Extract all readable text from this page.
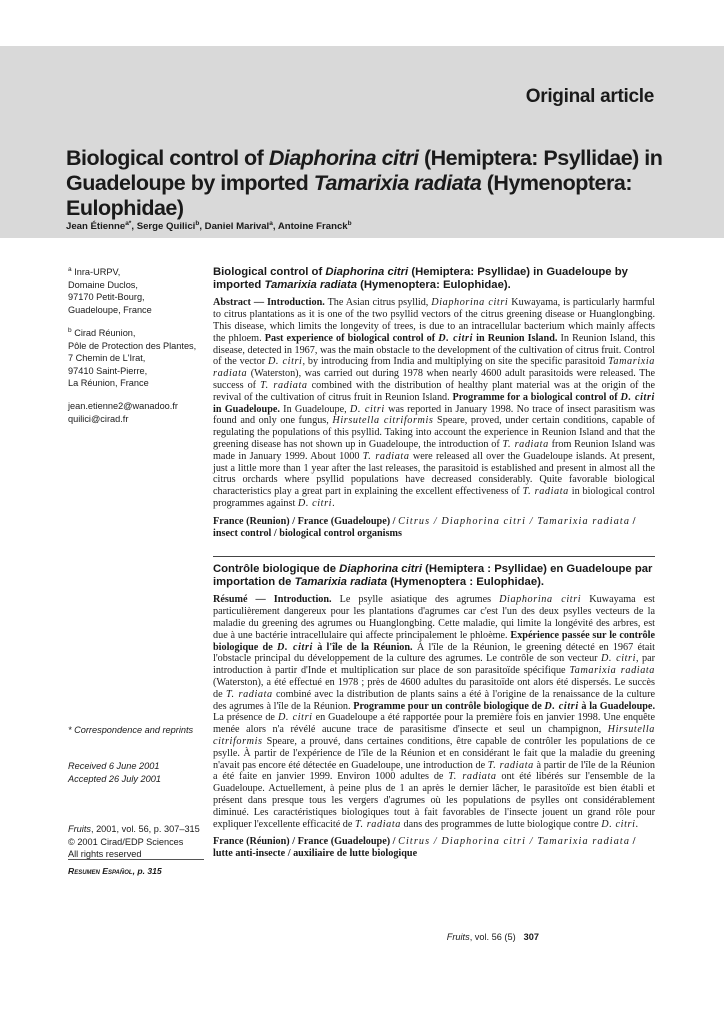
Original article
Biological control of Diaphorina citri (Hemiptera: Psyllidae) in Guadeloupe by imported Tamarixia radiata (Hymenoptera: Eulophidae)
Jean Étienne$^{a*}$, Serge Quilici$^b$, Daniel Marival$^a$, Antoine Franck$^b$
$^a$ Inra-URPV,
Domaine Duclos,
97170 Petit-Bourg,
Guadeloupe, France
$^b$ Cirad Réunion,
Pôle de Protection des Plantes,
7 Chemin de L'Irat,
97410 Saint-Pierre,
La Réunion, France
jean.etienne2@wanadoo.fr
quilici@cirad.fr
* Correspondence and reprints
Received 6 June 2001
Accepted 26 July 2001
Fruits, 2001, vol. 56, p. 307–315
© 2001 Cirad/EDP Sciences
All rights reserved
Resumen Español, p. 315
Biological control of Diaphorina citri (Hemiptera: Psyllidae) in Guadeloupe by imported Tamarixia radiata (Hymenoptera: Eulophidae).

Abstract — Introduction. The Asian citrus psyllid, Diaphorina citri Kuwayama, is particularly harmful to citrus plantations as it is one of the two psyllid vectors of the citrus greening disease or Huanglongbing. This disease, which limits the longevity of trees, is due to an intracellular bacterium which mainly affects the phloem. Past experience of biological control of D. citri in Reunion Island. In Reunion Island, this disease, detected in 1967, was the main obstacle to the development of the cultivation of citrus fruit. Control of the vector D. citri, by introducing from India and multiplying on site the specific parasitoid Tamarixia radiata (Waterston), was carried out during 1978 when nearly 4600 adult parasitoids were released. The success of T. radiata combined with the distribution of healthy plant material was at the origin of the revival of the cultivation of citrus fruit in Reunion Island. Programme for a biological control of D. citri in Guadeloupe. In Guadeloupe, D. citri was reported in January 1998. No trace of insect parasitism was found and only one fungus, Hirsutella citriformis Speare, proved, under certain conditions, capable of regulating the populations of this psyllid. Taking into account the experience in Reunion Island and that the greening disease has not shown up in Guadeloupe, the introduction of T. radiata from Reunion Island was made in January 1999. About 1000 T. radiata were released all over the Guadeloupe islands. At present, just a little more than 1 year after the last releases, the parasitoid is established and present in almost all the citrus orchards where psyllid populations have decreased considerably. Quite favorable biological characteristics play a great part in explaining the excellent effectiveness of T. radiata in biological control programmes against D. citri.

France (Reunion) / France (Guadeloupe) / Citrus / Diaphorina citri / Tamarixia radiata / insect control / biological control organisms
Contrôle biologique de Diaphorina citri (Hemiptera : Psyllidae) en Guadeloupe par importation de Tamarixia radiata (Hymenoptera : Eulophidae).

Résumé — Introduction. Le psylle asiatique des agrumes Diaphorina citri Kuwayama est particulièrement dangereux pour les plantations d'agrumes car c'est l'un des deux psylles vecteurs de la maladie du greening des agrumes ou Huanglongbing. Cette maladie, qui limite la longévité des arbres, est due à une bactérie intracellulaire qui affecte principalement le phloème. Expérience passée sur le contrôle biologique de D. citri à l'île de la Réunion. À l'île de la Réunion, le greening détecté en 1967 était l'obstacle principal du développement de la culture des agrumes. Le contrôle de son vecteur D. citri, par introduction à partir d'Inde et multiplication sur place de son parasitoïde spécifique Tamarixia radiata (Waterston), a été effectué en 1978 ; près de 4600 adultes du parasitoïde ont alors été dispersés. Le succès de T. radiata combiné avec la distribution de plants sains a été à l'origine de la renaissance de la culture des agrumes à l'île de la Réunion. Programme pour un contrôle biologique de D. citri à la Guadeloupe. La présence de D. citri en Guadeloupe a été rapportée pour la première fois en janvier 1998. Une enquête menée alors n'a révélé aucune trace de parasitisme d'insecte et seul un champignon, Hirsutella citriformis Speare, a prouvé, dans certaines conditions, être capable de contrôler les populations de ce psylle. À partir de l'expérience de l'île de la Réunion et en considérant le fait que la maladie du greening n'avait pas encore été détectée en Guadeloupe, une introduction de T. radiata à partir de l'île de la Réunion a été faite en janvier 1999. Environ 1000 adultes de T. radiata ont été libérés sur l'ensemble de la Guadeloupe. Actuellement, à peine plus de 1 an après le dernier lâcher, le parasitoïde est bien établi et présent dans presque tous les vergers d'agrumes où les populations de psylles ont considérablement diminué. Les caractéristiques biologiques tout à fait favorables de l'insecte jouent un grand rôle pour expliquer l'excellente efficacité de T. radiata dans des programmes de lutte biologique contre D. citri.

France (Réunion) / France (Guadeloupe) / Citrus / Diaphorina citri / Tamarixia radiata / lutte anti-insecte / auxiliaire de lutte biologique
Fruits, vol. 56 (5) 307
